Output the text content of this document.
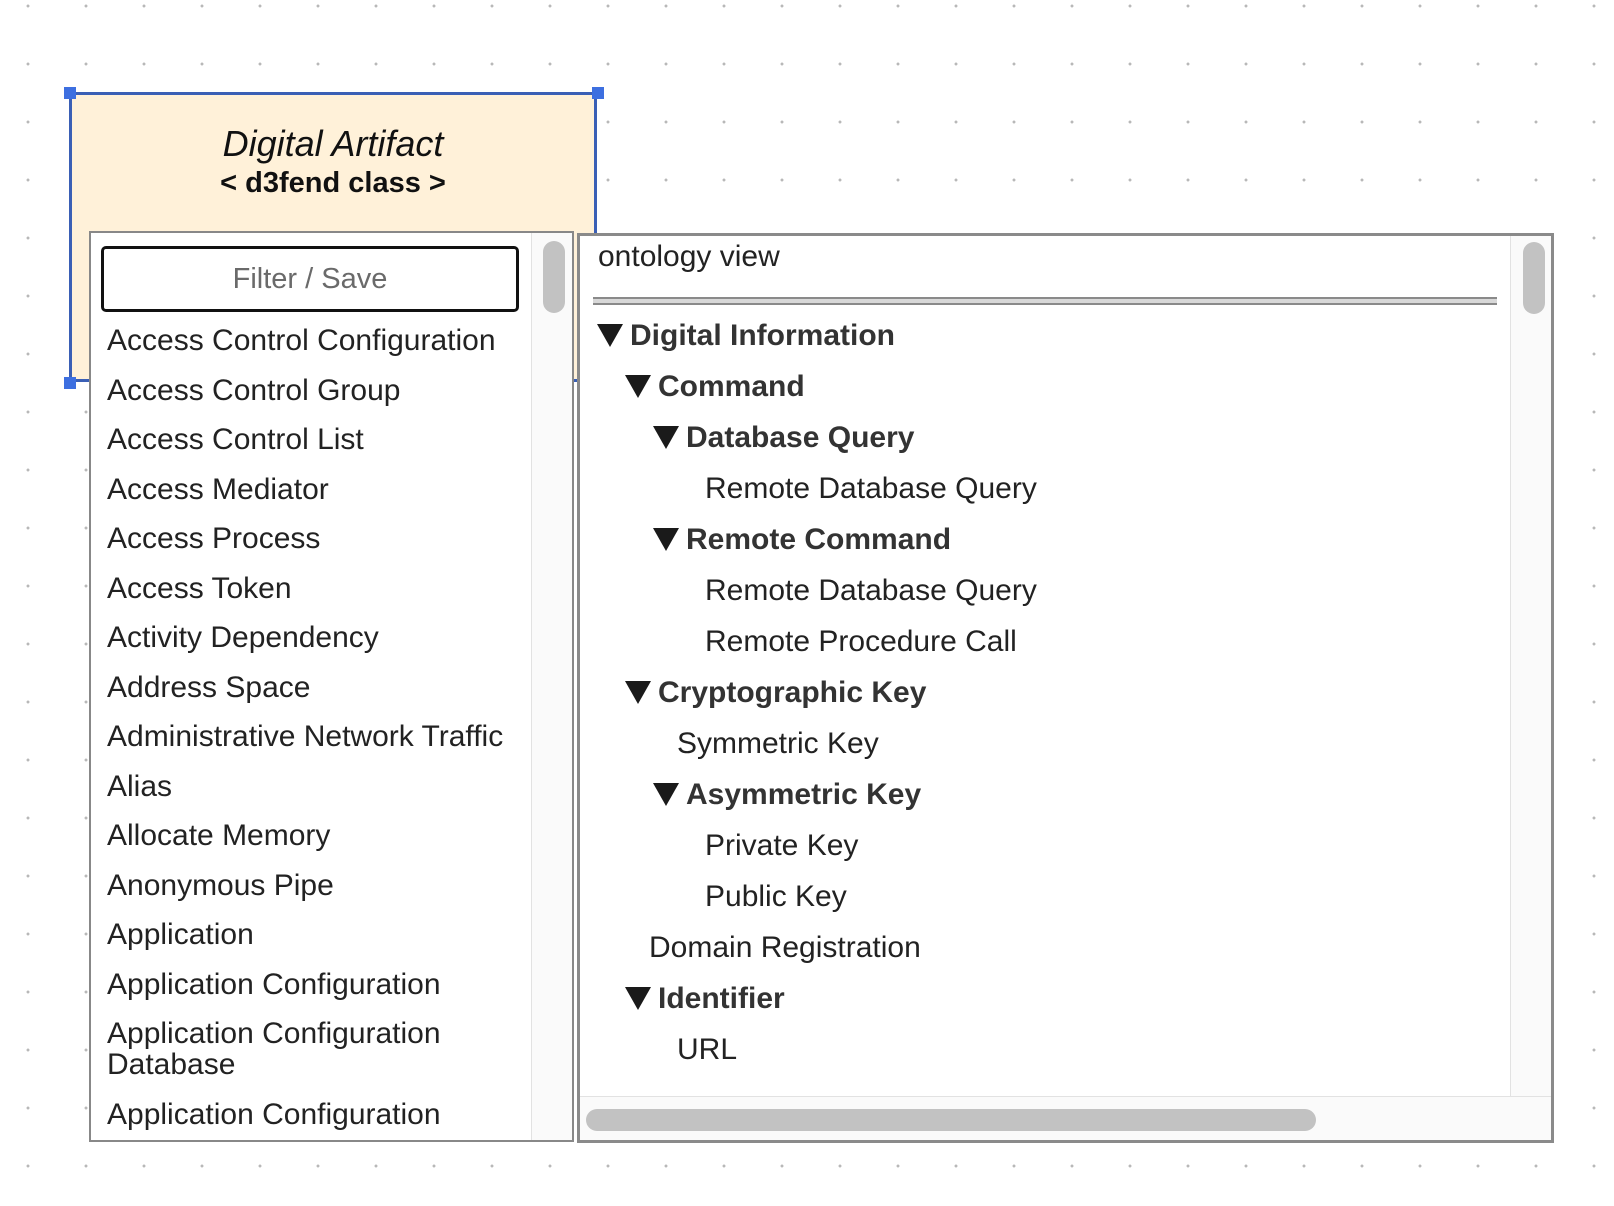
Digital Artifact
< d3fend class >
Filter / Save
Access Control Configuration
Access Control Group
Access Control List
Access Mediator
Access Process
Access Token
Activity Dependency
Address Space
Administrative Network Traffic
Alias
Allocate Memory
Anonymous Pipe
Application
Application Configuration
Application Configuration Database
Application Configuration
ontology view
Digital Information
Command
Database Query
Remote Database Query
Remote Command
Remote Database Query
Remote Procedure Call
Cryptographic Key
Symmetric Key
Asymmetric Key
Private Key
Public Key
Domain Registration
Identifier
URL
